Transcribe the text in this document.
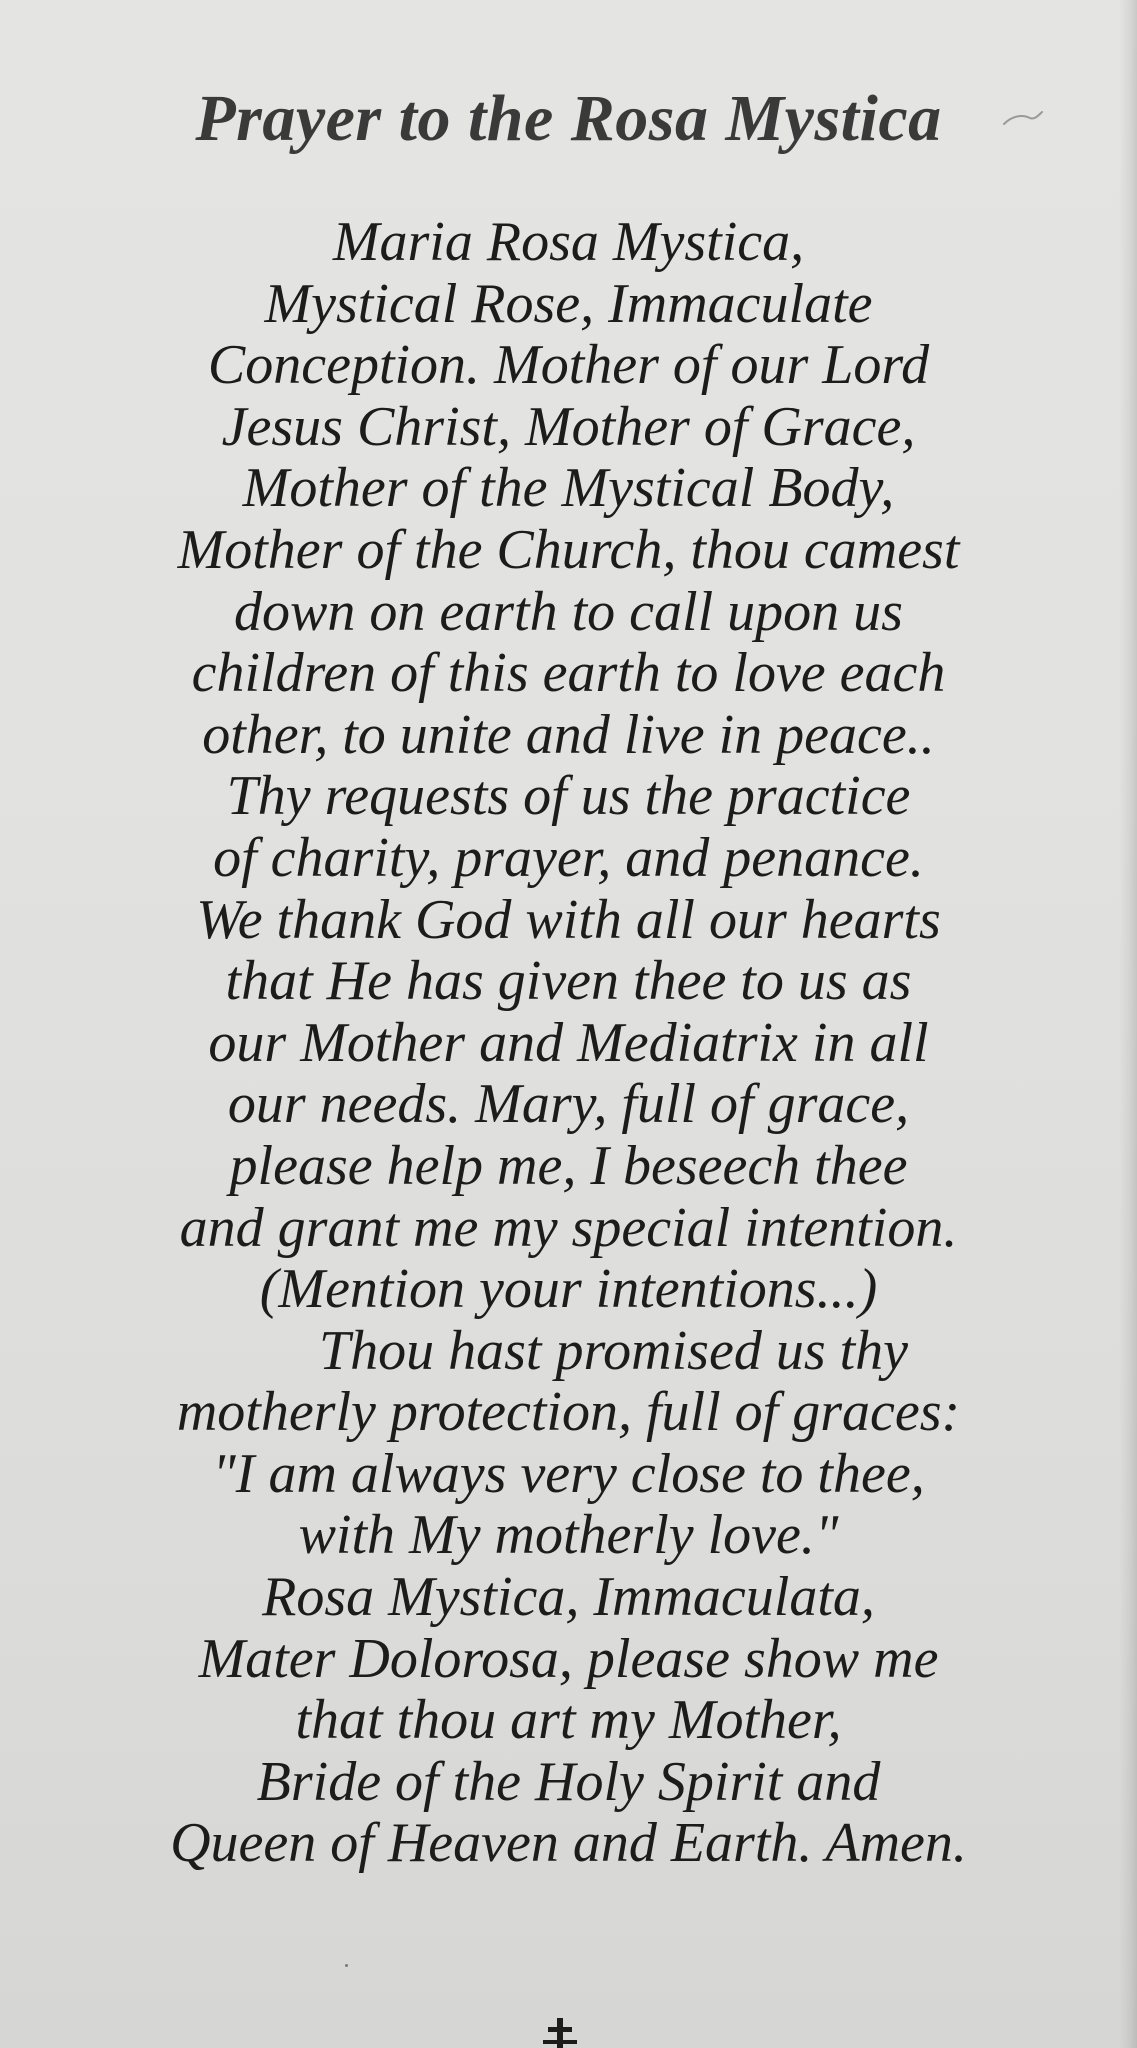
Prayer to the Rosa Mystica
Maria Rosa Mystica,
Mystical Rose, Immaculate
Conception. Mother of our Lord
Jesus Christ, Mother of Grace,
Mother of the Mystical Body,
Mother of the Church, thou camest
down on earth to call upon us
children of this earth to love each
other, to unite and live in peace..
Thy requests of us the practice
of charity, prayer, and penance.
We thank God with all our hearts
that He has given thee to us as
our Mother and Mediatrix in all
our needs. Mary, full of grace,
please help me, I beseech thee
and grant me my special intention.
(Mention your intentions...)
Thou hast promised us thy
motherly protection, full of graces:
"I am always very close to thee,
with My motherly love."
Rosa Mystica, Immaculata,
Mater Dolorosa, please show me
that thou art my Mother,
Bride of the Holy Spirit and
Queen of Heaven and Earth. Amen.
